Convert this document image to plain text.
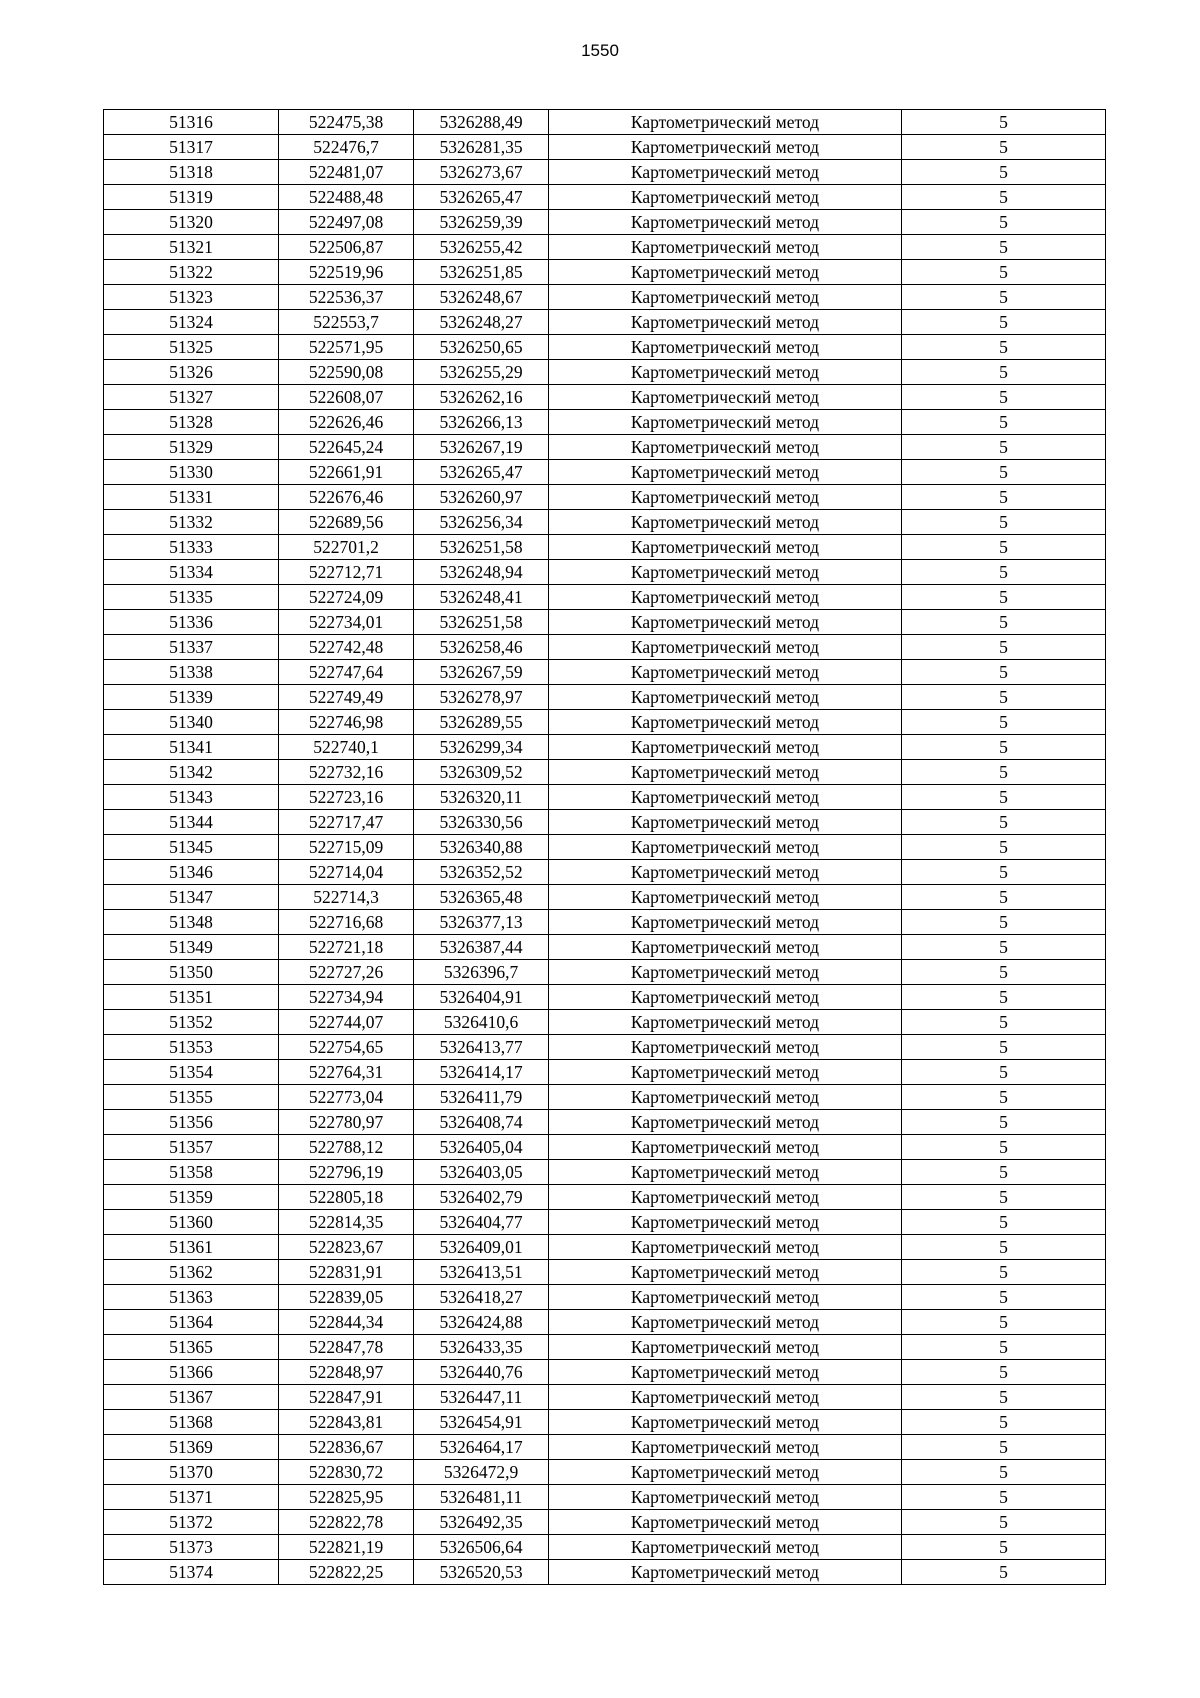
1550
51316	522475,38	5326288,49	Картометрический метод	5
51317	522476,7	5326281,35	Картометрический метод	5
51318	522481,07	5326273,67	Картометрический метод	5
51319	522488,48	5326265,47	Картометрический метод	5
51320	522497,08	5326259,39	Картометрический метод	5
51321	522506,87	5326255,42	Картометрический метод	5
51322	522519,96	5326251,85	Картометрический метод	5
51323	522536,37	5326248,67	Картометрический метод	5
51324	522553,7	5326248,27	Картометрический метод	5
51325	522571,95	5326250,65	Картометрический метод	5
51326	522590,08	5326255,29	Картометрический метод	5
51327	522608,07	5326262,16	Картометрический метод	5
51328	522626,46	5326266,13	Картометрический метод	5
51329	522645,24	5326267,19	Картометрический метод	5
51330	522661,91	5326265,47	Картометрический метод	5
51331	522676,46	5326260,97	Картометрический метод	5
51332	522689,56	5326256,34	Картометрический метод	5
51333	522701,2	5326251,58	Картометрический метод	5
51334	522712,71	5326248,94	Картометрический метод	5
51335	522724,09	5326248,41	Картометрический метод	5
51336	522734,01	5326251,58	Картометрический метод	5
51337	522742,48	5326258,46	Картометрический метод	5
51338	522747,64	5326267,59	Картометрический метод	5
51339	522749,49	5326278,97	Картометрический метод	5
51340	522746,98	5326289,55	Картометрический метод	5
51341	522740,1	5326299,34	Картометрический метод	5
51342	522732,16	5326309,52	Картометрический метод	5
51343	522723,16	5326320,11	Картометрический метод	5
51344	522717,47	5326330,56	Картометрический метод	5
51345	522715,09	5326340,88	Картометрический метод	5
51346	522714,04	5326352,52	Картометрический метод	5
51347	522714,3	5326365,48	Картометрический метод	5
51348	522716,68	5326377,13	Картометрический метод	5
51349	522721,18	5326387,44	Картометрический метод	5
51350	522727,26	5326396,7	Картометрический метод	5
51351	522734,94	5326404,91	Картометрический метод	5
51352	522744,07	5326410,6	Картометрический метод	5
51353	522754,65	5326413,77	Картометрический метод	5
51354	522764,31	5326414,17	Картометрический метод	5
51355	522773,04	5326411,79	Картометрический метод	5
51356	522780,97	5326408,74	Картометрический метод	5
51357	522788,12	5326405,04	Картометрический метод	5
51358	522796,19	5326403,05	Картометрический метод	5
51359	522805,18	5326402,79	Картометрический метод	5
51360	522814,35	5326404,77	Картометрический метод	5
51361	522823,67	5326409,01	Картометрический метод	5
51362	522831,91	5326413,51	Картометрический метод	5
51363	522839,05	5326418,27	Картометрический метод	5
51364	522844,34	5326424,88	Картометрический метод	5
51365	522847,78	5326433,35	Картометрический метод	5
51366	522848,97	5326440,76	Картометрический метод	5
51367	522847,91	5326447,11	Картометрический метод	5
51368	522843,81	5326454,91	Картометрический метод	5
51369	522836,67	5326464,17	Картометрический метод	5
51370	522830,72	5326472,9	Картометрический метод	5
51371	522825,95	5326481,11	Картометрический метод	5
51372	522822,78	5326492,35	Картометрический метод	5
51373	522821,19	5326506,64	Картометрический метод	5
51374	522822,25	5326520,53	Картометрический метод	5
